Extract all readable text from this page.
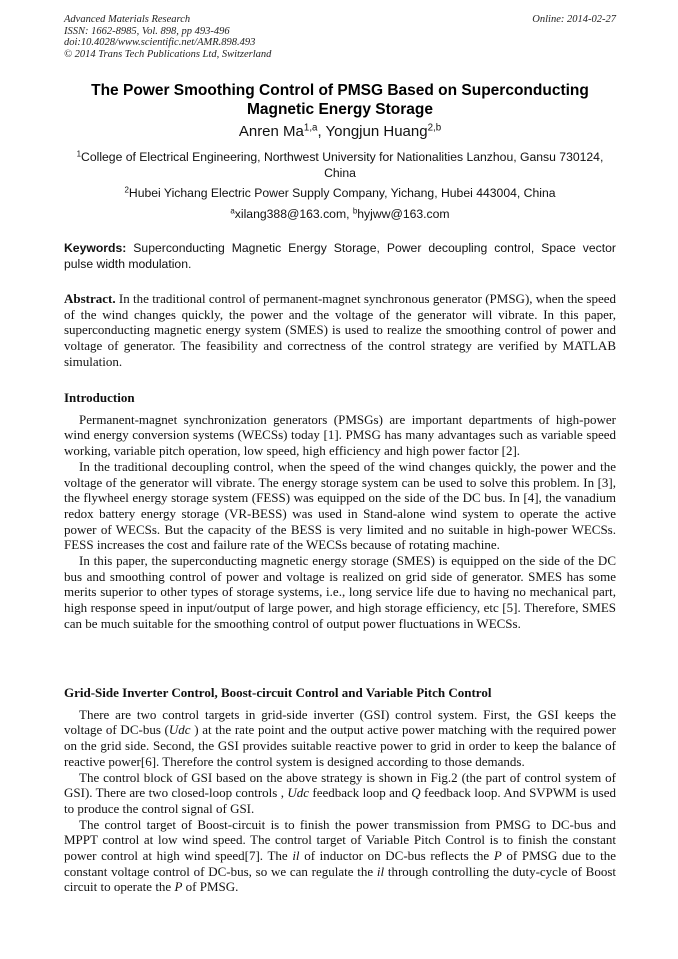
Advanced Materials Research
ISSN: 1662-8985, Vol. 898, pp 493-496
doi:10.4028/www.scientific.net/AMR.898.493
© 2014 Trans Tech Publications Ltd, Switzerland
Online: 2014-02-27
The Power Smoothing Control of PMSG Based on Superconducting Magnetic Energy Storage
Anren Ma$^{1,a}$, Yongjun Huang$^{2,b}$
$^1$College of Electrical Engineering, Northwest University for Nationalities Lanzhou, Gansu 730124, China
$^2$Hubei Yichang Electric Power Supply Company, Yichang, Hubei 443004, China
$^a$xilang388@163.com, $^b$hyjww@163.com
Keywords: Superconducting Magnetic Energy Storage, Power decoupling control, Space vector pulse width modulation.

Abstract. In the traditional control of permanent-magnet synchronous generator (PMSG), when the speed of the wind changes quickly, the power and the voltage of the generator will vibrate. In this paper, superconducting magnetic energy system (SMES) is used to realize the smoothing control of power and voltage of generator. The feasibility and correctness of the control strategy are verified by MATLAB simulation.

Introduction

Permanent-magnet synchronization generators (PMSGs) are important departments of high-power wind energy conversion systems (WECSs) today [1]. PMSG has many advantages such as variable speed working, variable pitch operation, low speed, high efficiency and high power factor [2].

In the traditional decoupling control, when the speed of the wind changes quickly, the power and the voltage of the generator will vibrate. The energy storage system can be used to solve this problem. In [3], the flywheel energy storage system (FESS) was equipped on the side of the DC bus. In [4], the vanadium redox battery energy storage (VR-BESS) was used in Stand-alone wind system to operate the active power of WECSs. But the capacity of the BESS is very limited and no suitable in high-power WECSs. FESS increases the cost and failure rate of the WECSs because of rotating machine.

In this paper, the superconducting magnetic energy storage (SMES) is equipped on the side of the DC bus and smoothing control of power and voltage is realized on grid side of generator. SMES has some merits superior to other types of storage systems, i.e., long service life due to having no mechanical part, high response speed in input/output of large power, and high storage efficiency, etc [5]. Therefore, SMES can be much suitable for the smoothing control of output power fluctuations in WECSs.

Grid-Side Inverter Control, Boost-circuit Control and Variable Pitch Control

There are two control targets in grid-side inverter (GSI) control system. First, the GSI keeps the voltage of DC-bus (Udc ) at the rate point and the output active power matching with the required power on the grid side. Second, the GSI provides suitable reactive power to grid in order to keep the balance of reactive power[6]. Therefore the control system is designed according to those demands.

The control block of GSI based on the above strategy is shown in Fig.2 (the part of control system of GSI). There are two closed-loop controls , Udc feedback loop and Q feedback loop. And SVPWM is used to produce the control signal of GSI.

The control target of Boost-circuit is to finish the power transmission from PMSG to DC-bus and MPPT control at low wind speed. The control target of Variable Pitch Control is to finish the constant power control at high wind speed[7]. The il of inductor on DC-bus reflects the P of PMSG due to the constant voltage control of DC-bus, so we can regulate the il through controlling the duty-cycle of Boost circuit to operate the P of PMSG.
